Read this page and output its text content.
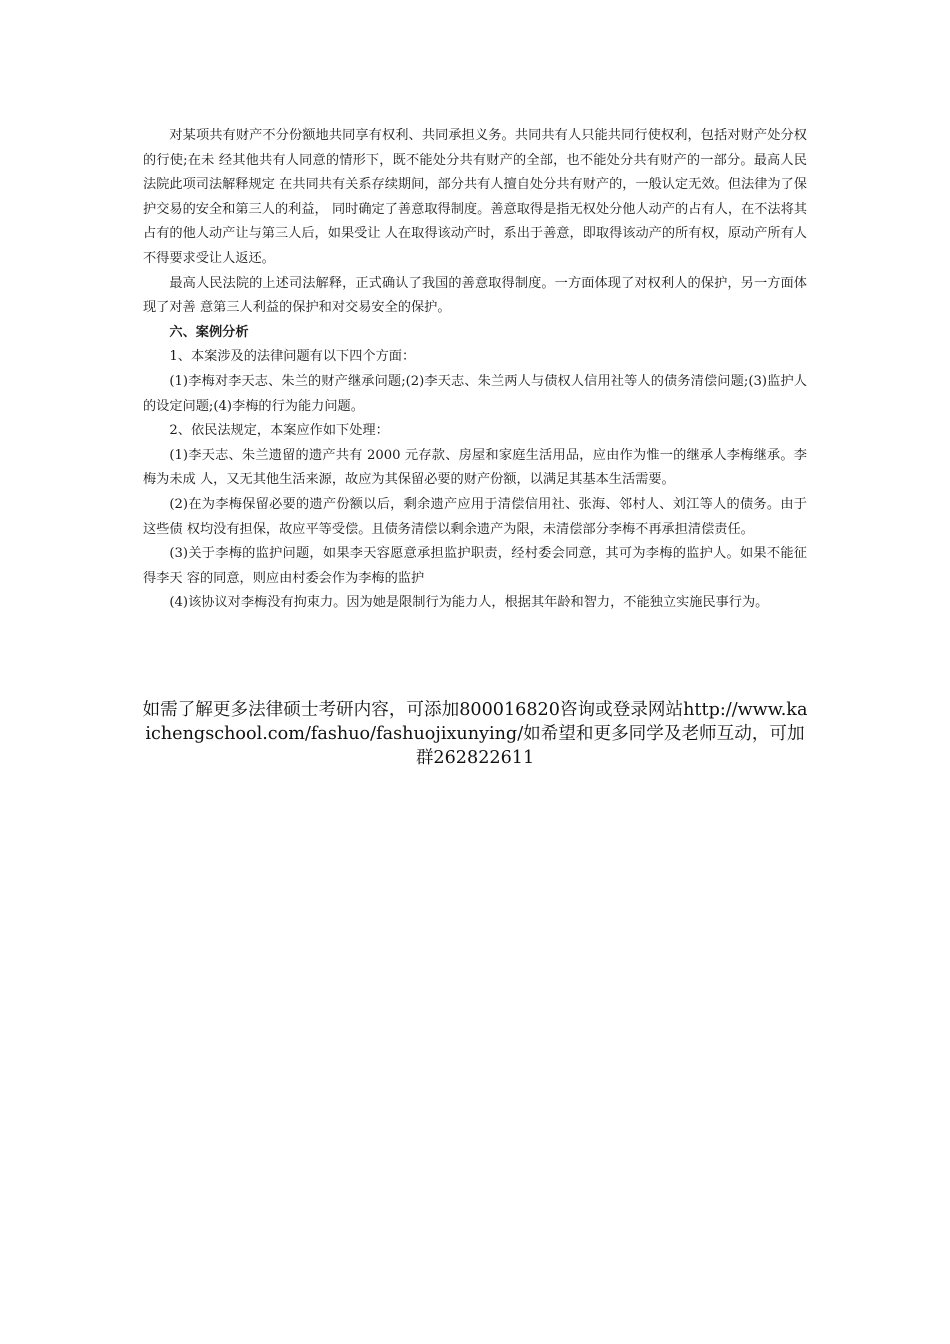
对某项共有财产不分份额地共同享有权利、共同承担义务。共同共有人只能共同行使权利，包括对财产处分权的行使;在未 经其他共有人同意的情形下，既不能处分共有财产的全部，也不能处分共有财产的一部分。最高人民法院此项司法解释规定 在共同共有关系存续期间，部分共有人擅自处分共有财产的，一般认定无效。但法律为了保护交易的安全和第三人的利益， 同时确定了善意取得制度。善意取得是指无权处分他人动产的占有人，在不法将其占有的他人动产让与第三人后，如果受让 人在取得该动产时，系出于善意，即取得该动产的所有权，原动产所有人不得要求受让人返还。

最高人民法院的上述司法解释，正式确认了我国的善意取得制度。一方面体现了对权利人的保护，另一方面体现了对善 意第三人利益的保护和对交易安全的保护。

六、案例分析

1、本案涉及的法律问题有以下四个方面：

(1)李梅对李天志、朱兰的财产继承问题;(2)李天志、朱兰两人与债权人信用社等人的债务清偿问题;(3)监护人 的设定问题;(4)李梅的行为能力问题。

2、依民法规定，本案应作如下处理：

(1)李天志、朱兰遗留的遗产共有 2000 元存款、房屋和家庭生活用品，应由作为惟一的继承人李梅继承。李梅为未成 人，又无其他生活来源，故应为其保留必要的财产份额，以满足其基本生活需要。

(2)在为李梅保留必要的遗产份额以后，剩余遗产应用于清偿信用社、张海、邻村人、刘江等人的债务。由于这些债 权均没有担保，故应平等受偿。且债务清偿以剩余遗产为限，未清偿部分李梅不再承担清偿责任。

(3)关于李梅的监护问题，如果李天容愿意承担监护职责，经村委会同意，其可为李梅的监护人。如果不能征得李天 容的同意，则应由村委会作为李梅的监护

(4)该协议对李梅没有拘束力。因为她是限制行为能力人，根据其年龄和智力，不能独立实施民事行为。

如需了解更多法律硕士考研内容，可添加800016820咨询或登录网站http://www.kaichengschool.com/fashuo/fashuojixunying/如希望和更多同学及老师互动，可加群262822611
